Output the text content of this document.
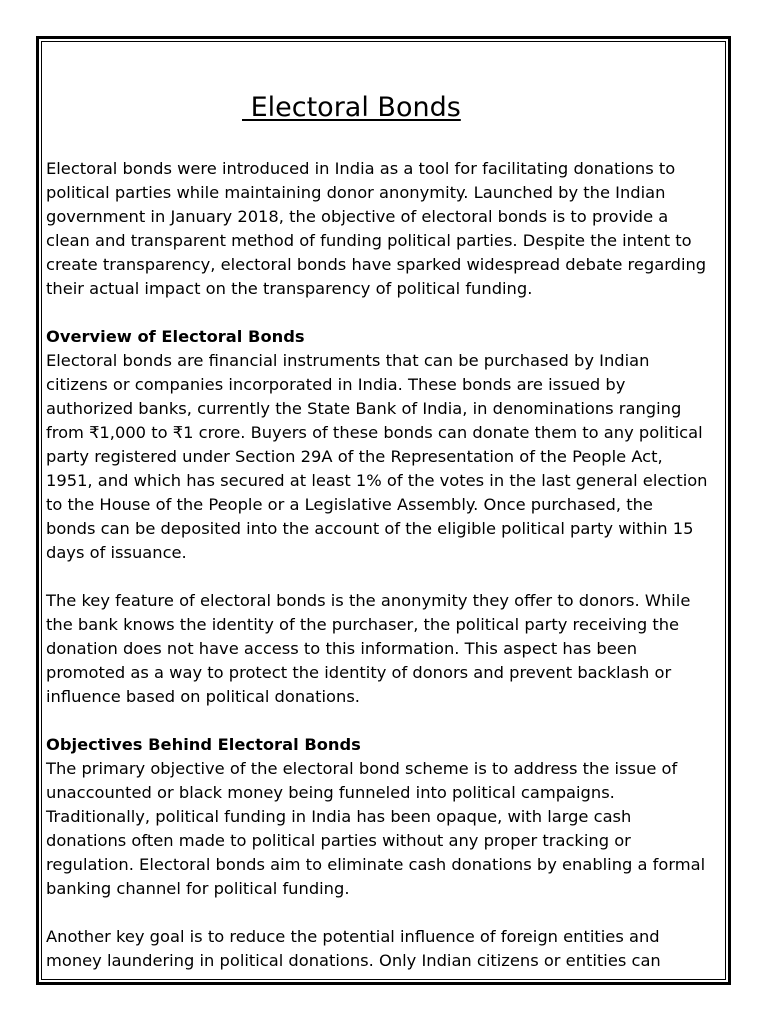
Electoral Bonds
Electoral bonds were introduced in India as a tool for facilitating donations to
political parties while maintaining donor anonymity. Launched by the Indian
government in January 2018, the objective of electoral bonds is to provide a
clean and transparent method of funding political parties. Despite the intent to
create transparency, electoral bonds have sparked widespread debate regarding
their actual impact on the transparency of political funding.
Overview of Electoral Bonds
Electoral bonds are financial instruments that can be purchased by Indian
citizens or companies incorporated in India. These bonds are issued by
authorized banks, currently the State Bank of India, in denominations ranging
from ₹1,000 to ₹1 crore. Buyers of these bonds can donate them to any political
party registered under Section 29A of the Representation of the People Act,
1951, and which has secured at least 1% of the votes in the last general election
to the House of the People or a Legislative Assembly. Once purchased, the
bonds can be deposited into the account of the eligible political party within 15
days of issuance.
The key feature of electoral bonds is the anonymity they offer to donors. While
the bank knows the identity of the purchaser, the political party receiving the
donation does not have access to this information. This aspect has been
promoted as a way to protect the identity of donors and prevent backlash or
influence based on political donations.
Objectives Behind Electoral Bonds
The primary objective of the electoral bond scheme is to address the issue of
unaccounted or black money being funneled into political campaigns.
Traditionally, political funding in India has been opaque, with large cash
donations often made to political parties without any proper tracking or
regulation. Electoral bonds aim to eliminate cash donations by enabling a formal
banking channel for political funding.
Another key goal is to reduce the potential influence of foreign entities and
money laundering in political donations. Only Indian citizens or entities can
